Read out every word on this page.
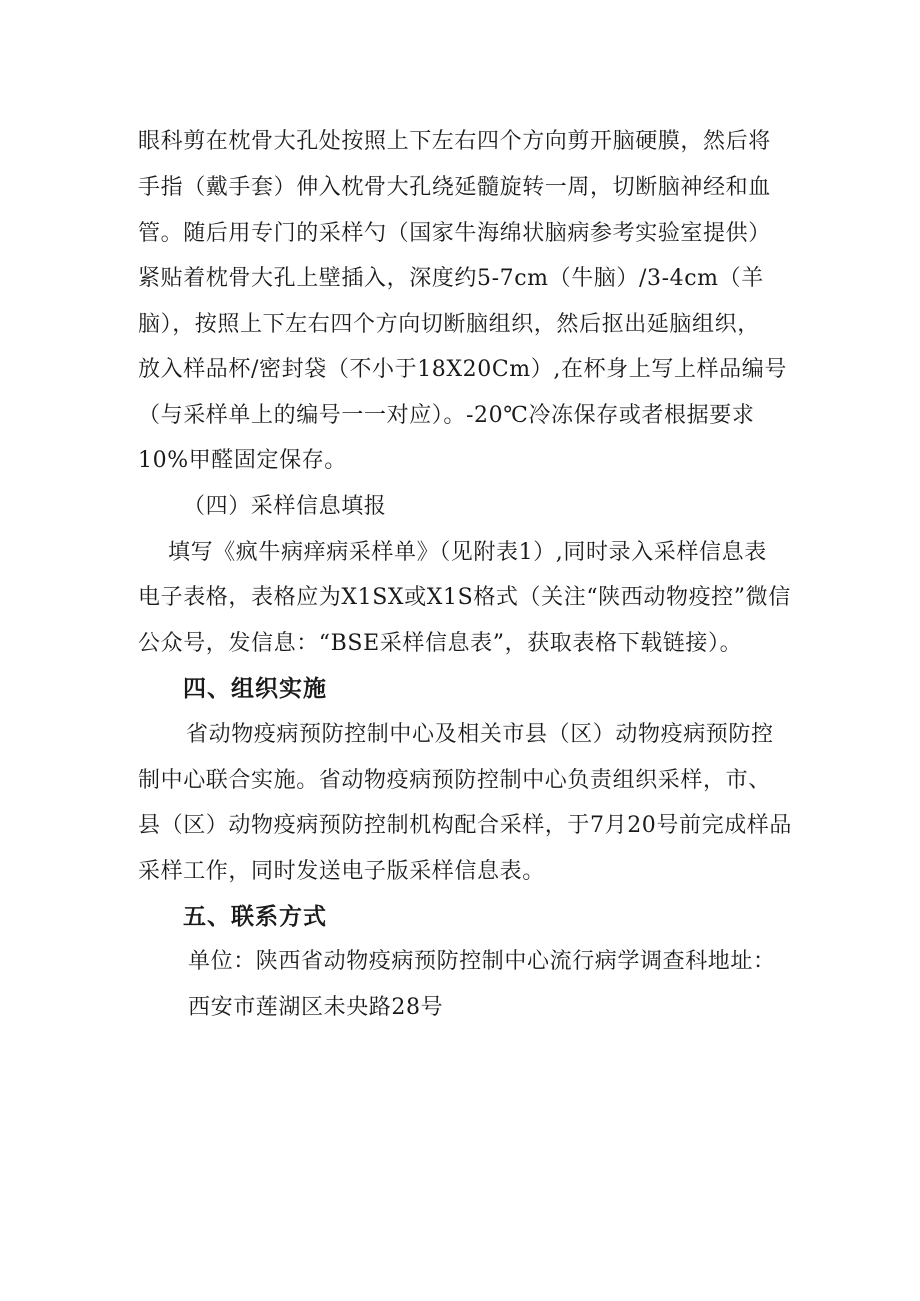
眼科剪在枕骨大孔处按照上下左右四个方向剪开脑硬膜，然后将
手指（戴手套）伸入枕骨大孔绕延髓旋转一周，切断脑神经和血
管。随后用专门的采样勺（国家牛海绵状脑病参考实验室提供）
紧贴着枕骨大孔上壁插入，深度约5-7cm（牛脑）/3-4cm（羊
脑），按照上下左右四个方向切断脑组织，然后抠出延脑组织，
放入样品杯/密封袋（不小于18X20Cm）,在杯身上写上样品编号
（与采样单上的编号一一对应）。-20℃冷冻保存或者根据要求
10%甲醛固定保存。
（四）采样信息填报
填写《疯牛病痒病采样单》（见附表1）,同时录入采样信息表
电子表格，表格应为X1SX或X1S格式（关注“陕西动物疫控”微信
公众号，发信息：“BSE采样信息表”，获取表格下载链接）。
四、组织实施
省动物疫病预防控制中心及相关市县（区）动物疫病预防控
制中心联合实施。省动物疫病预防控制中心负责组织采样，市、
县（区）动物疫病预防控制机构配合采样，于7月20号前完成样品
采样工作，同时发送电子版采样信息表。
五、联系方式
单位：陕西省动物疫病预防控制中心流行病学调查科地址：
西安市莲湖区未央路28号
